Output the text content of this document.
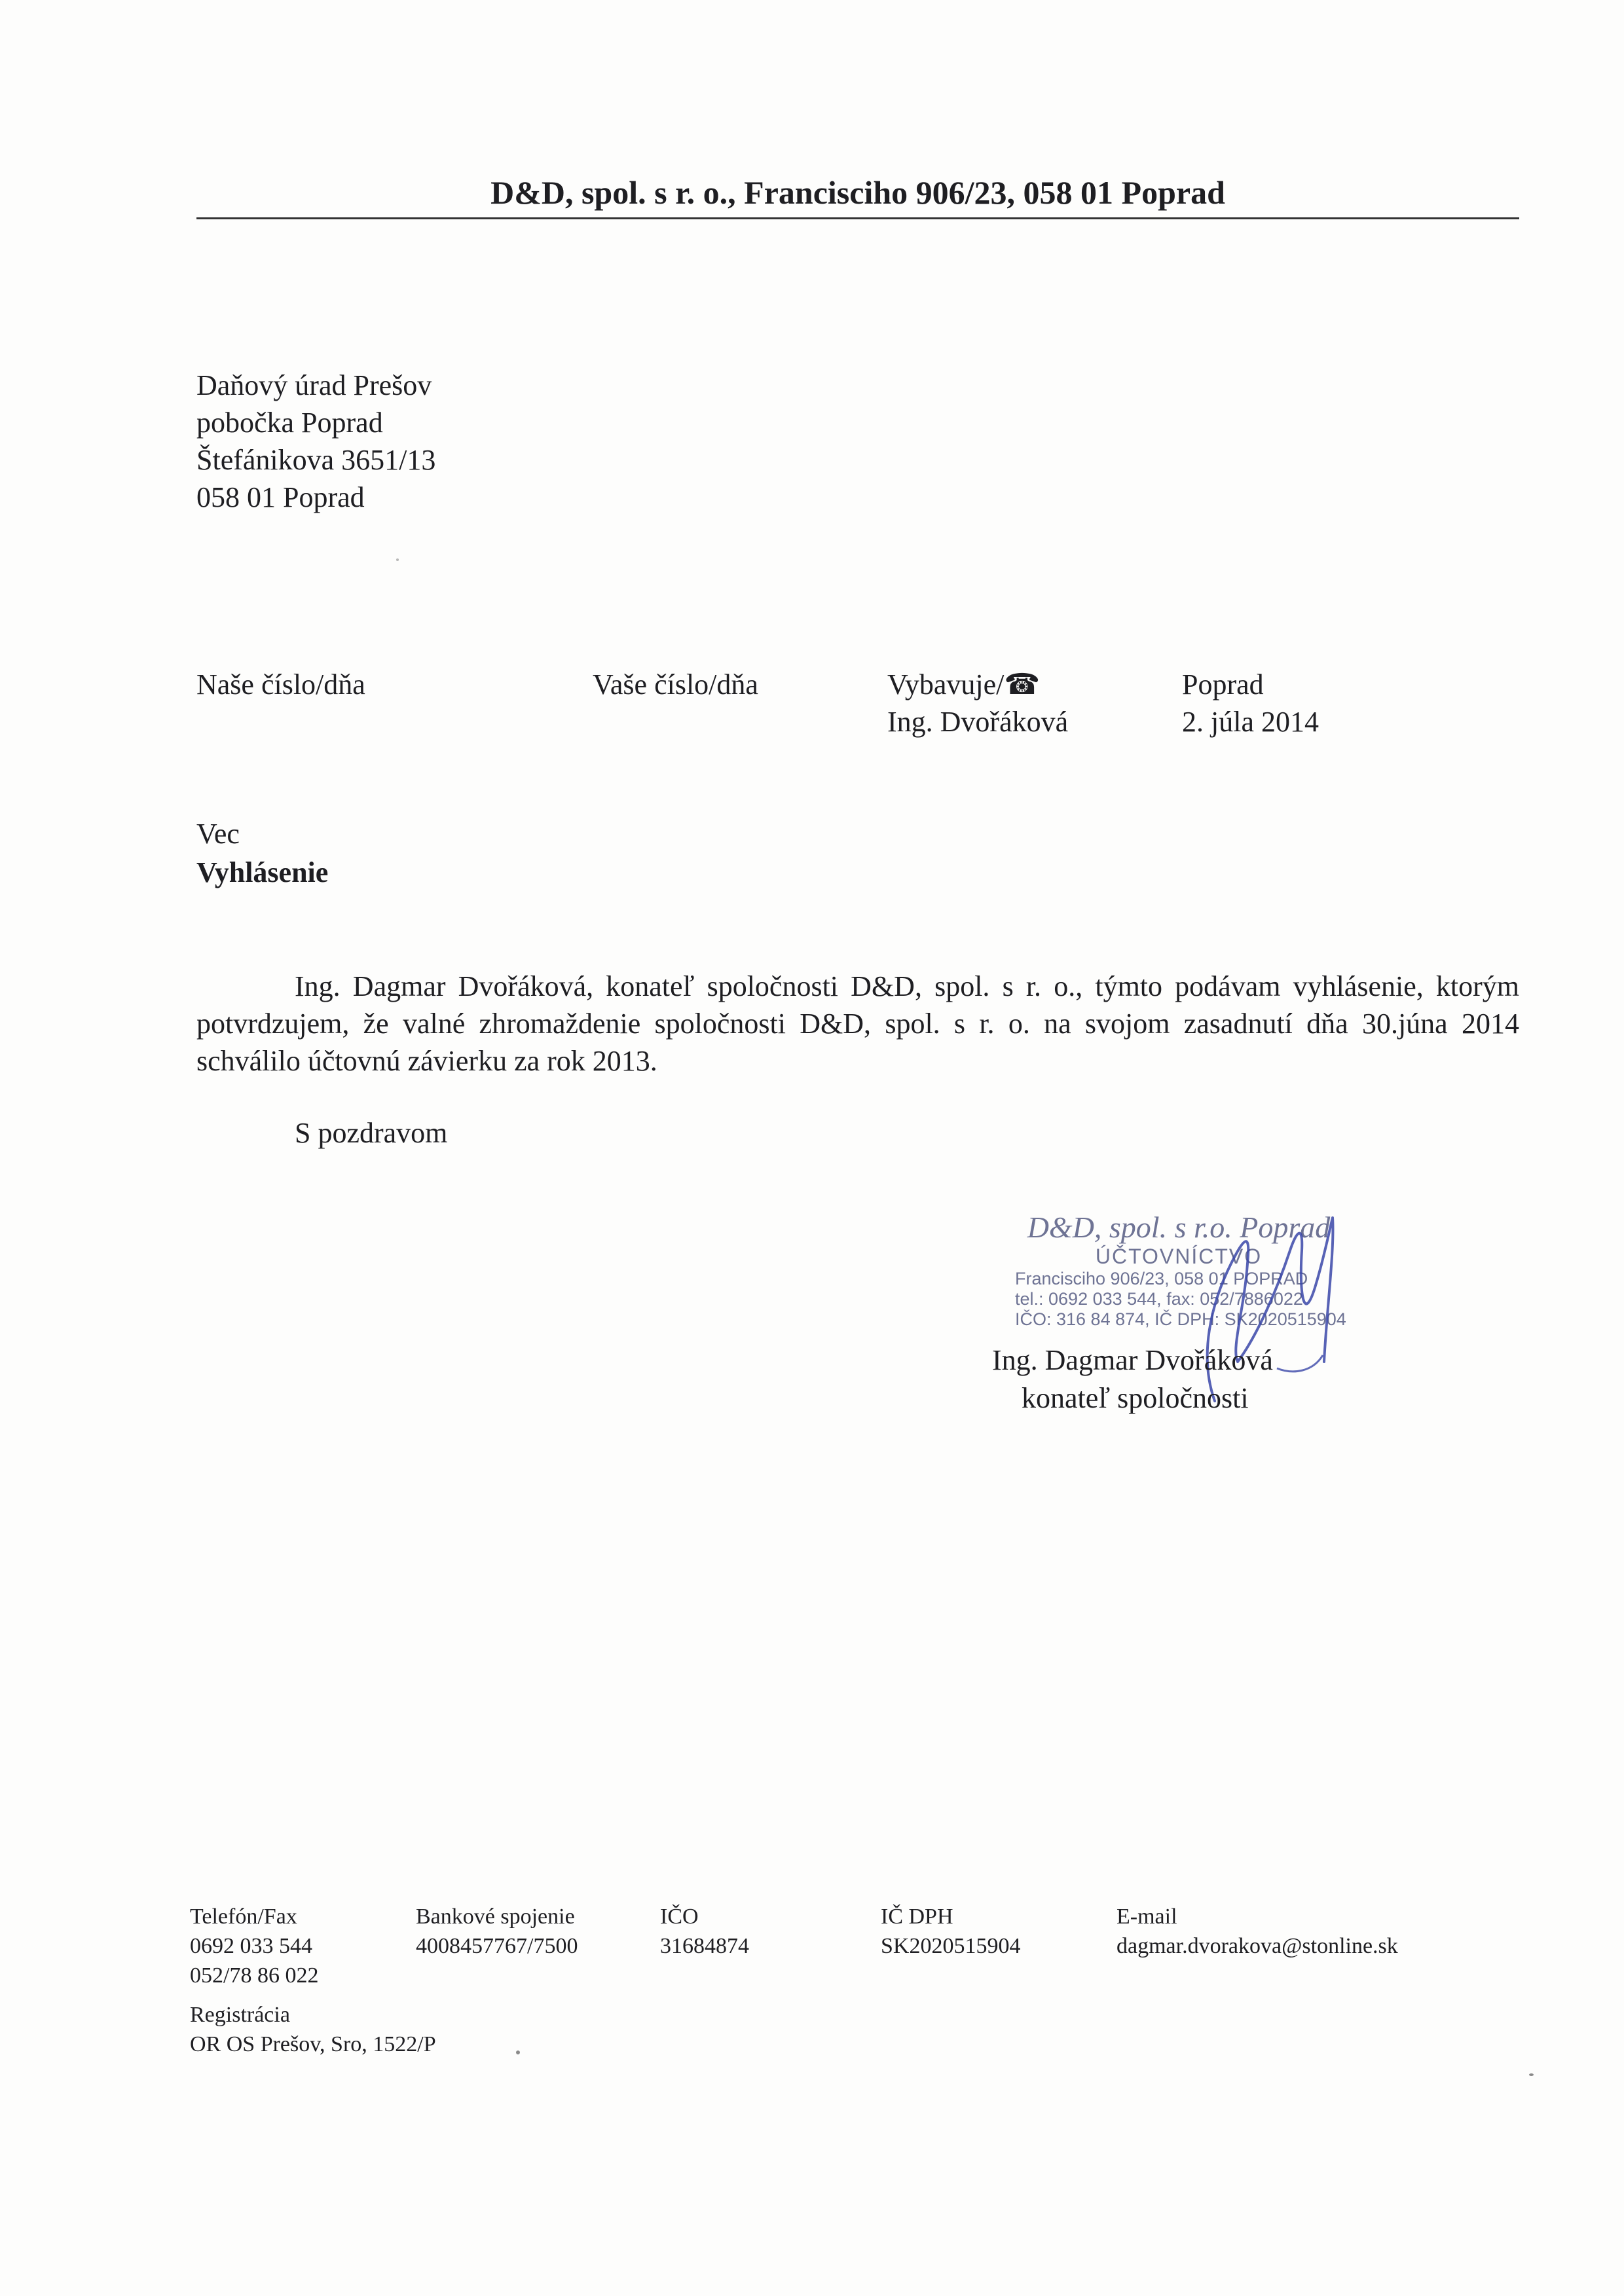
D&D, spol. s r. o., Francisciho 906/23, 058 01 Poprad
Daňový úrad Prešov
pobočka Poprad
Štefánikova 3651/13
058 01 Poprad
Naše číslo/dňa	Vaše číslo/dňa	Vybavuje/☎
Ing. Dvořáková
Poprad
2. júla 2014
Vec
Vyhlásenie
Ing. Dagmar Dvořáková, konateľ spoločnosti D&D, spol. s r. o., týmto podávam vyhlásenie, ktorým potvrdzujem, že valné zhromaždenie spoločnosti D&D, spol. s r. o. na svojom zasadnutí dňa 30.júna 2014 schválilo účtovnú závierku za rok 2013.
S pozdravom
D&D, spol. s r.o. Poprad
ÚČTOVNÍCTVO
Francisciho 906/23, 058 01 POPRAD
tel.: 0692 033 544, fax: 052/7886022
IČO: 316 84 874, IČ DPH: SK2020515904
Ing. Dagmar Dvořáková
konateľ spoločnosti
Telefón/Fax
0692 033 544
052/78 86 022
Bankové spojenie
4008457767/7500
IČO
31684874
IČ DPH
SK2020515904
E-mail
dagmar.dvorakova@stonline.sk
Registrácia
OR OS Prešov, Sro, 1522/P
